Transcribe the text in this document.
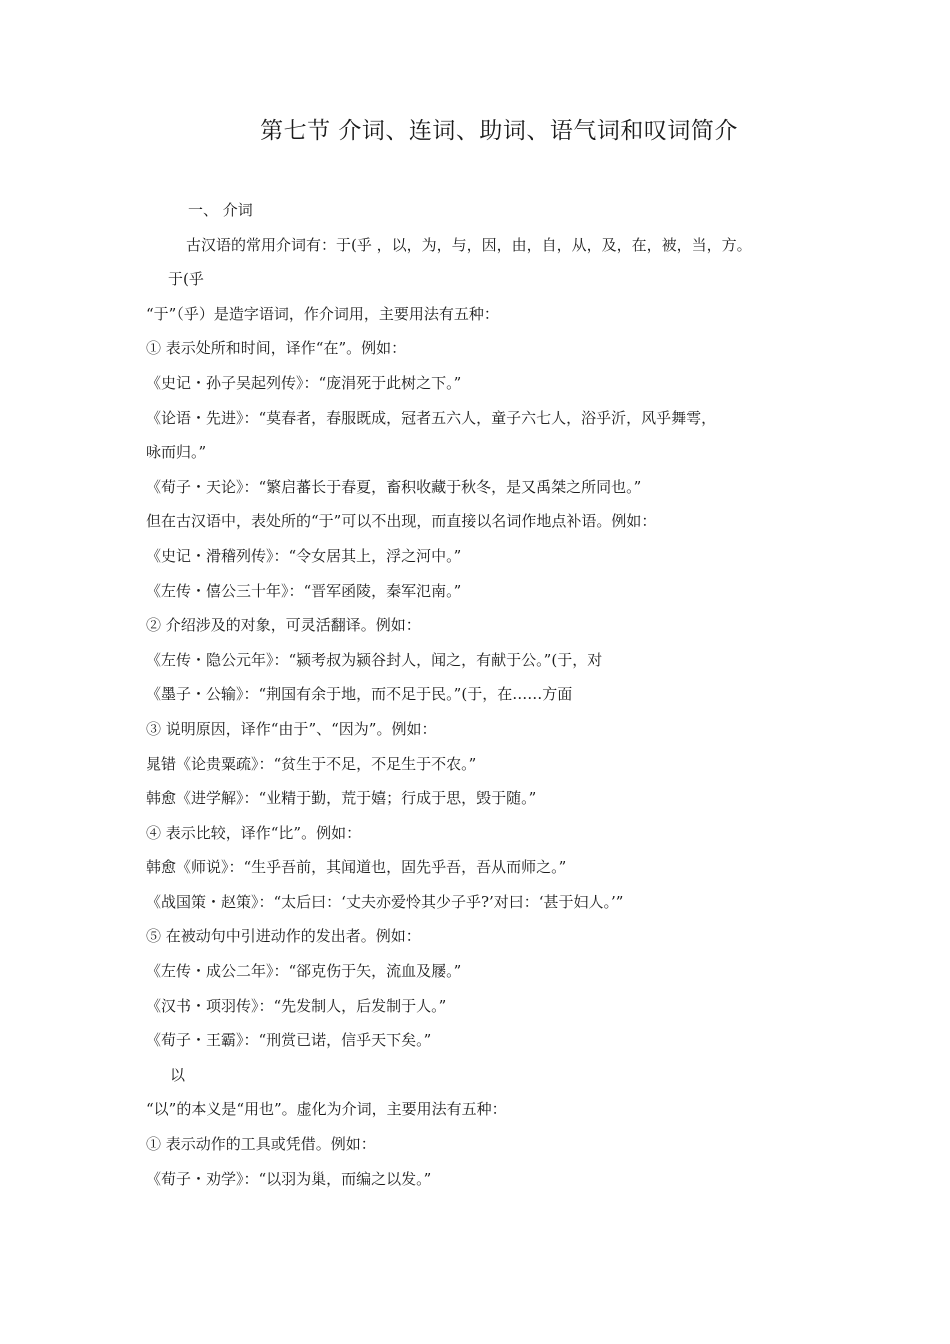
第七节 介词、连词、助词、语气词和叹词简介
一、 介词
古汉语的常用介词有：于(乎 ，以，为，与，因，由，自，从，及，在，被，当，方。
于(乎
“于”（乎）是造字语词，作介词用，主要用法有五种：
① 表示处所和时间，译作“在”。例如：
《史记・孙子吴起列传》：“庞涓死于此树之下。”
《论语・先进》：“莫春者，春服既成，冠者五六人，童子六七人，浴乎沂，风乎舞雩，
咏而归。”
《荀子・天论》：“繁启蕃长于春夏，畜积收藏于秋冬，是又禹桀之所同也。”
但在古汉语中，表处所的“于”可以不出现，而直接以名词作地点补语。例如：
《史记・滑稽列传》：“令女居其上，浮之河中。”
《左传・僖公三十年》：“晋军函陵，秦军氾南。”
② 介绍涉及的对象，可灵活翻译。例如：
《左传・隐公元年》：“颍考叔为颍谷封人，闻之，有献于公。”(于，对
《墨子・公输》：“荆国有余于地，而不足于民。”(于，在……方面
③ 说明原因，译作“由于”、“因为”。例如：
晁错《论贵粟疏》：“贫生于不足，不足生于不农。”
韩愈《进学解》：“业精于勤，荒于嬉；行成于思，毁于随。”
④ 表示比较，译作“比”。例如：
韩愈《师说》：“生乎吾前，其闻道也，固先乎吾，吾从而师之。”
《战国策・赵策》：“太后曰：‘丈夫亦爱怜其少子乎?’对曰：‘甚于妇人。’”
⑤ 在被动句中引进动作的发出者。例如：
《左传・成公二年》：“郤克伤于矢，流血及屦。”
《汉书・项羽传》：“先发制人，后发制于人。”
《荀子・王霸》：“刑赏已诺，信乎天下矣。”
以
“以”的本义是“用也”。虚化为介词，主要用法有五种：
① 表示动作的工具或凭借。例如：
《荀子・劝学》：“以羽为巢，而编之以发。”
